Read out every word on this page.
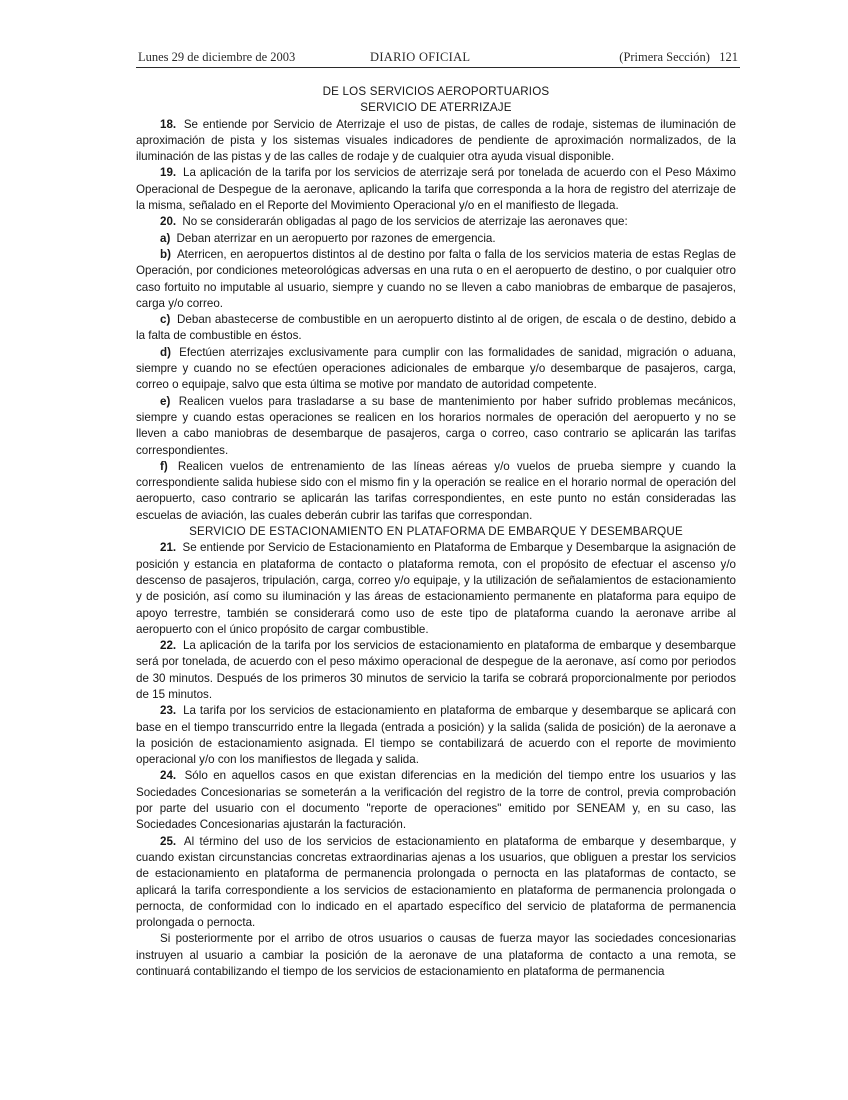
Lunes 29 de diciembre de 2003	DIARIO OFICIAL	(Primera Sección) 121

DE LOS SERVICIOS AEROPORTUARIOS

SERVICIO DE ATERRIZAJE

18. Se entiende por Servicio de Aterrizaje el uso de pistas, de calles de rodaje, sistemas de iluminación de aproximación de pista y los sistemas visuales indicadores de pendiente de aproximación normalizados, de la iluminación de las pistas y de las calles de rodaje y de cualquier otra ayuda visual disponible.

19. La aplicación de la tarifa por los servicios de aterrizaje será por tonelada de acuerdo con el Peso Máximo Operacional de Despegue de la aeronave, aplicando la tarifa que corresponda a la hora de registro del aterrizaje de la misma, señalado en el Reporte del Movimiento Operacional y/o en el manifiesto de llegada.

20. No se considerarán obligadas al pago de los servicios de aterrizaje las aeronaves que:

a) Deban aterrizar en un aeropuerto por razones de emergencia.

b) Aterricen, en aeropuertos distintos al de destino por falta o falla de los servicios materia de estas Reglas de Operación, por condiciones meteorológicas adversas en una ruta o en el aeropuerto de destino, o por cualquier otro caso fortuito no imputable al usuario, siempre y cuando no se lleven a cabo maniobras de embarque de pasajeros, carga y/o correo.

c) Deban abastecerse de combustible en un aeropuerto distinto al de origen, de escala o de destino, debido a la falta de combustible en éstos.

d) Efectúen aterrizajes exclusivamente para cumplir con las formalidades de sanidad, migración o aduana, siempre y cuando no se efectúen operaciones adicionales de embarque y/o desembarque de pasajeros, carga, correo o equipaje, salvo que esta última se motive por mandato de autoridad competente.

e) Realicen vuelos para trasladarse a su base de mantenimiento por haber sufrido problemas mecánicos, siempre y cuando estas operaciones se realicen en los horarios normales de operación del aeropuerto y no se lleven a cabo maniobras de desembarque de pasajeros, carga o correo, caso contrario se aplicarán las tarifas correspondientes.

f) Realicen vuelos de entrenamiento de las líneas aéreas y/o vuelos de prueba siempre y cuando la correspondiente salida hubiese sido con el mismo fin y la operación se realice en el horario normal de operación del aeropuerto, caso contrario se aplicarán las tarifas correspondientes, en este punto no están consideradas las escuelas de aviación, las cuales deberán cubrir las tarifas que correspondan.

SERVICIO DE ESTACIONAMIENTO EN PLATAFORMA DE EMBARQUE Y DESEMBARQUE

21. Se entiende por Servicio de Estacionamiento en Plataforma de Embarque y Desembarque la asignación de posición y estancia en plataforma de contacto o plataforma remota, con el propósito de efectuar el ascenso y/o descenso de pasajeros, tripulación, carga, correo y/o equipaje, y la utilización de señalamientos de estacionamiento y de posición, así como su iluminación y las áreas de estacionamiento permanente en plataforma para equipo de apoyo terrestre, también se considerará como uso de este tipo de plataforma cuando la aeronave arribe al aeropuerto con el único propósito de cargar combustible.

22. La aplicación de la tarifa por los servicios de estacionamiento en plataforma de embarque y desembarque será por tonelada, de acuerdo con el peso máximo operacional de despegue de la aeronave, así como por periodos de 30 minutos. Después de los primeros 30 minutos de servicio la tarifa se cobrará proporcionalmente por periodos de 15 minutos.

23. La tarifa por los servicios de estacionamiento en plataforma de embarque y desembarque se aplicará con base en el tiempo transcurrido entre la llegada (entrada a posición) y la salida (salida de posición) de la aeronave a la posición de estacionamiento asignada. El tiempo se contabilizará de acuerdo con el reporte de movimiento operacional y/o con los manifiestos de llegada y salida.

24. Sólo en aquellos casos en que existan diferencias en la medición del tiempo entre los usuarios y las Sociedades Concesionarias se someterán a la verificación del registro de la torre de control, previa comprobación por parte del usuario con el documento "reporte de operaciones" emitido por SENEAM y, en su caso, las Sociedades Concesionarias ajustarán la facturación.

25. Al término del uso de los servicios de estacionamiento en plataforma de embarque y desembarque, y cuando existan circunstancias concretas extraordinarias ajenas a los usuarios, que obliguen a prestar los servicios de estacionamiento en plataforma de permanencia prolongada o pernocta en las plataformas de contacto, se aplicará la tarifa correspondiente a los servicios de estacionamiento en plataforma de permanencia prolongada o pernocta, de conformidad con lo indicado en el apartado específico del servicio de plataforma de permanencia prolongada o pernocta.

Si posteriormente por el arribo de otros usuarios o causas de fuerza mayor las sociedades concesionarias instruyen al usuario a cambiar la posición de la aeronave de una plataforma de contacto a una remota, se continuará contabilizando el tiempo de los servicios de estacionamiento en plataforma de permanencia
